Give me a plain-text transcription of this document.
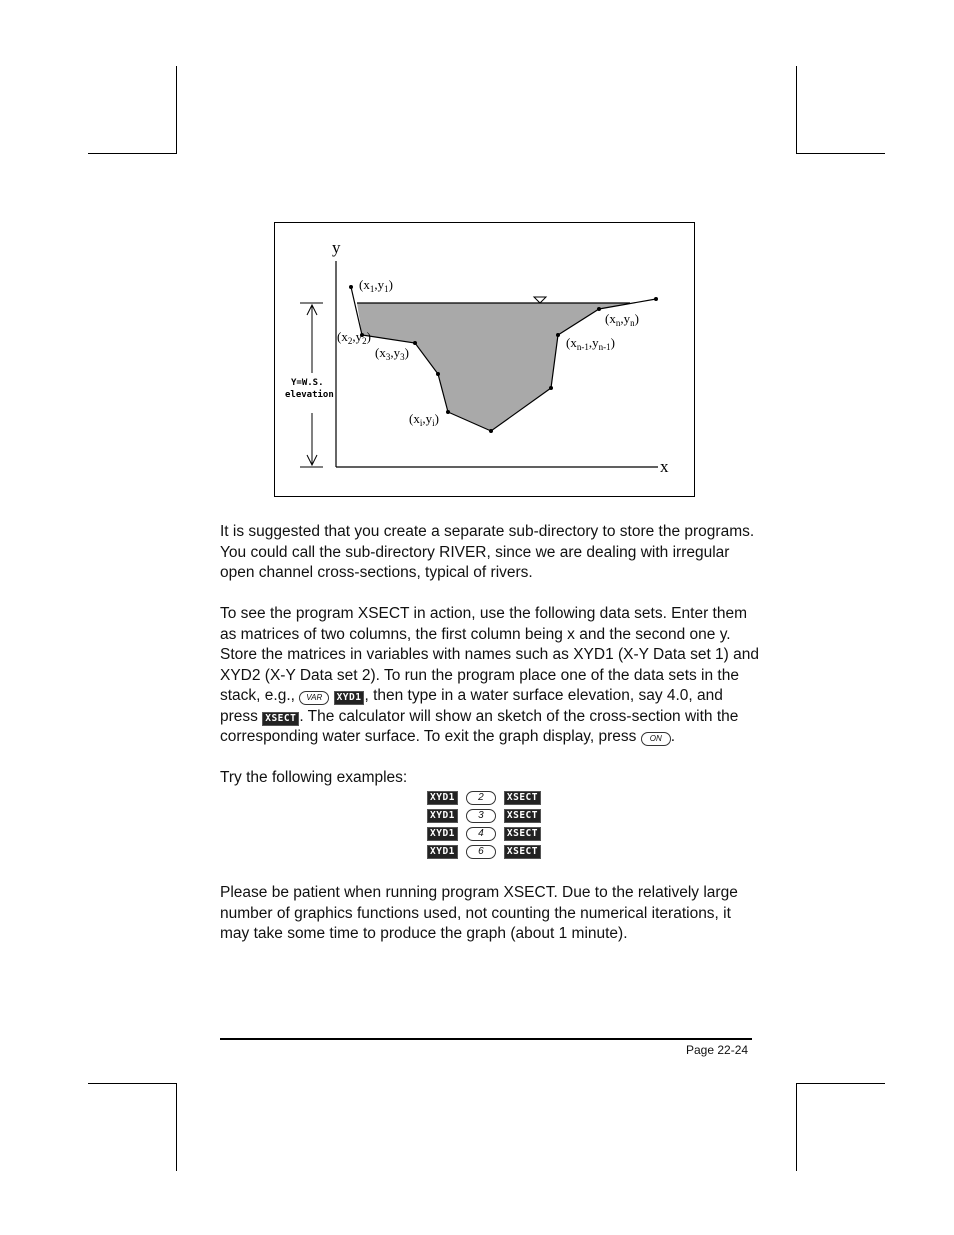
y
x
Y=W.S.
elevation
$(x_1,y_1)$
$(x_2,y_2)$
$(x_3,y_3)$
$(x_i,y_i)$
$(x_{n-1},y_{n-1})$
$(x_n,y_n)$

It is suggested that you create a separate sub-directory to store the programs. You could call the sub-directory RIVER, since we are dealing with irregular open channel cross-sections, typical of rivers.

To see the program XSECT in action, use the following data sets. Enter them as matrices of two columns, the first column being x and the second one y. Store the matrices in variables with names such as XYD1 (X-Y Data set 1) and XYD2 (X-Y Data set 2). To run the program place one of the data sets in the stack, e.g., VAR XYD1 , then type in a water surface elevation, say 4.0, and press XSECT . The calculator will show an sketch of the cross-section with the corresponding water surface. To exit the graph display, press ON .

Try the following examples:

XYD1	2	XSECT
XYD1	3	XSECT
XYD1	4	XSECT
XYD1	6	XSECT

Please be patient when running program XSECT. Due to the relatively large number of graphics functions used, not counting the numerical iterations, it may take some time to produce the graph (about 1 minute).

Page 22-24
